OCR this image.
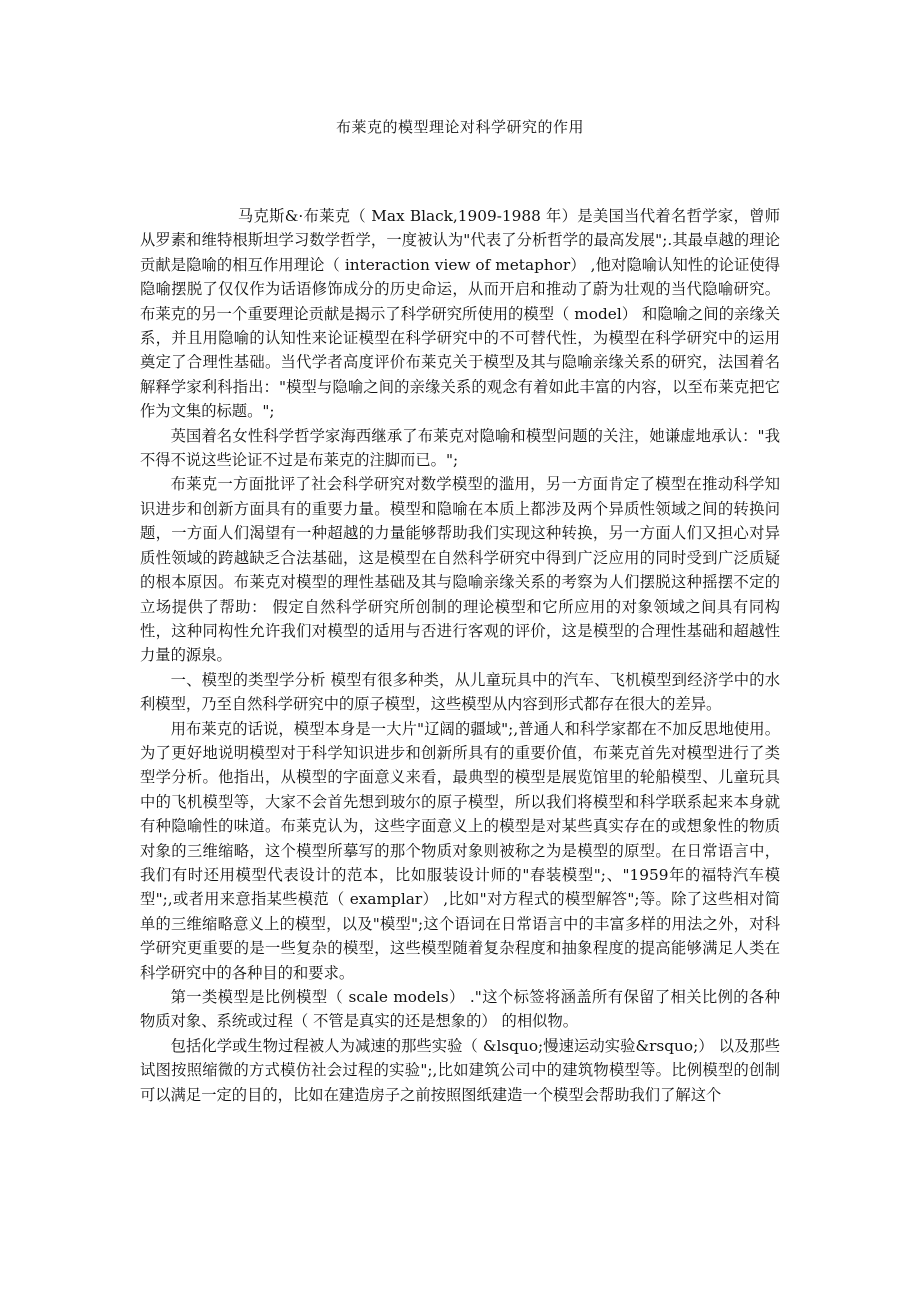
布莱克的模型理论对科学研究的作用

马克斯&·布莱克（ Max Black,1909-1988 年）是美国当代着名哲学家，曾师从罗素和维特根斯坦学习数学哲学，一度被认为"代表了分析哲学的最高发展";.其最卓越的理论贡献是隐喻的相互作用理论（ interaction view of metaphor） ,他对隐喻认知性的论证使得隐喻摆脱了仅仅作为话语修饰成分的历史命运，从而开启和推动了蔚为壮观的当代隐喻研究。布莱克的另一个重要理论贡献是揭示了科学研究所使用的模型（ model） 和隐喻之间的亲缘关系，并且用隐喻的认知性来论证模型在科学研究中的不可替代性，为模型在科学研究中的运用奠定了合理性基础。当代学者高度评价布莱克关于模型及其与隐喻亲缘关系的研究，法国着名解释学家利科指出："模型与隐喻之间的亲缘关系的观念有着如此丰富的内容，以至布莱克把它作为文集的标题。";

英国着名女性科学哲学家海西继承了布莱克对隐喻和模型问题的关注，她谦虚地承认："我不得不说这些论证不过是布莱克的注脚而已。";

布莱克一方面批评了社会科学研究对数学模型的滥用，另一方面肯定了模型在推动科学知识进步和创新方面具有的重要力量。模型和隐喻在本质上都涉及两个异质性领域之间的转换问题，一方面人们渴望有一种超越的力量能够帮助我们实现这种转换，另一方面人们又担心对异质性领域的跨越缺乏合法基础，这是模型在自然科学研究中得到广泛应用的同时受到广泛质疑的根本原因。布莱克对模型的理性基础及其与隐喻亲缘关系的考察为人们摆脱这种摇摆不定的立场提供了帮助： 假定自然科学研究所创制的理论模型和它所应用的对象领域之间具有同构性，这种同构性允许我们对模型的适用与否进行客观的评价，这是模型的合理性基础和超越性力量的源泉。

一、模型的类型学分析 模型有很多种类，从儿童玩具中的汽车、飞机模型到经济学中的水利模型，乃至自然科学研究中的原子模型，这些模型从内容到形式都存在很大的差异。

用布莱克的话说，模型本身是一大片"辽阔的疆域";,普通人和科学家都在不加反思地使用。为了更好地说明模型对于科学知识进步和创新所具有的重要价值，布莱克首先对模型进行了类型学分析。他指出，从模型的字面意义来看，最典型的模型是展览馆里的轮船模型、儿童玩具中的飞机模型等，大家不会首先想到玻尔的原子模型，所以我们将模型和科学联系起来本身就有种隐喻性的味道。布莱克认为，这些字面意义上的模型是对某些真实存在的或想象性的物质对象的三维缩略，这个模型所摹写的那个物质对象则被称之为是模型的原型。在日常语言中，我们有时还用模型代表设计的范本，比如服装设计师的"春装模型";、"1959年的福特汽车模型";,或者用来意指某些模范（ examplar） ,比如"对方程式的模型解答";等。除了这些相对简单的三维缩略意义上的模型，以及"模型";这个语词在日常语言中的丰富多样的用法之外，对科学研究更重要的是一些复杂的模型，这些模型随着复杂程度和抽象程度的提高能够满足人类在科学研究中的各种目的和要求。

第一类模型是比例模型（ scale models） ."这个标签将涵盖所有保留了相关比例的各种物质对象、系统或过程（ 不管是真实的还是想象的） 的相似物。

包括化学或生物过程被人为减速的那些实验（ &lsquo;慢速运动实验&rsquo;） 以及那些试图按照缩微的方式模仿社会过程的实验";,比如建筑公司中的建筑物模型等。比例模型的创制可以满足一定的目的，比如在建造房子之前按照图纸建造一个模型会帮助我们了解这个
